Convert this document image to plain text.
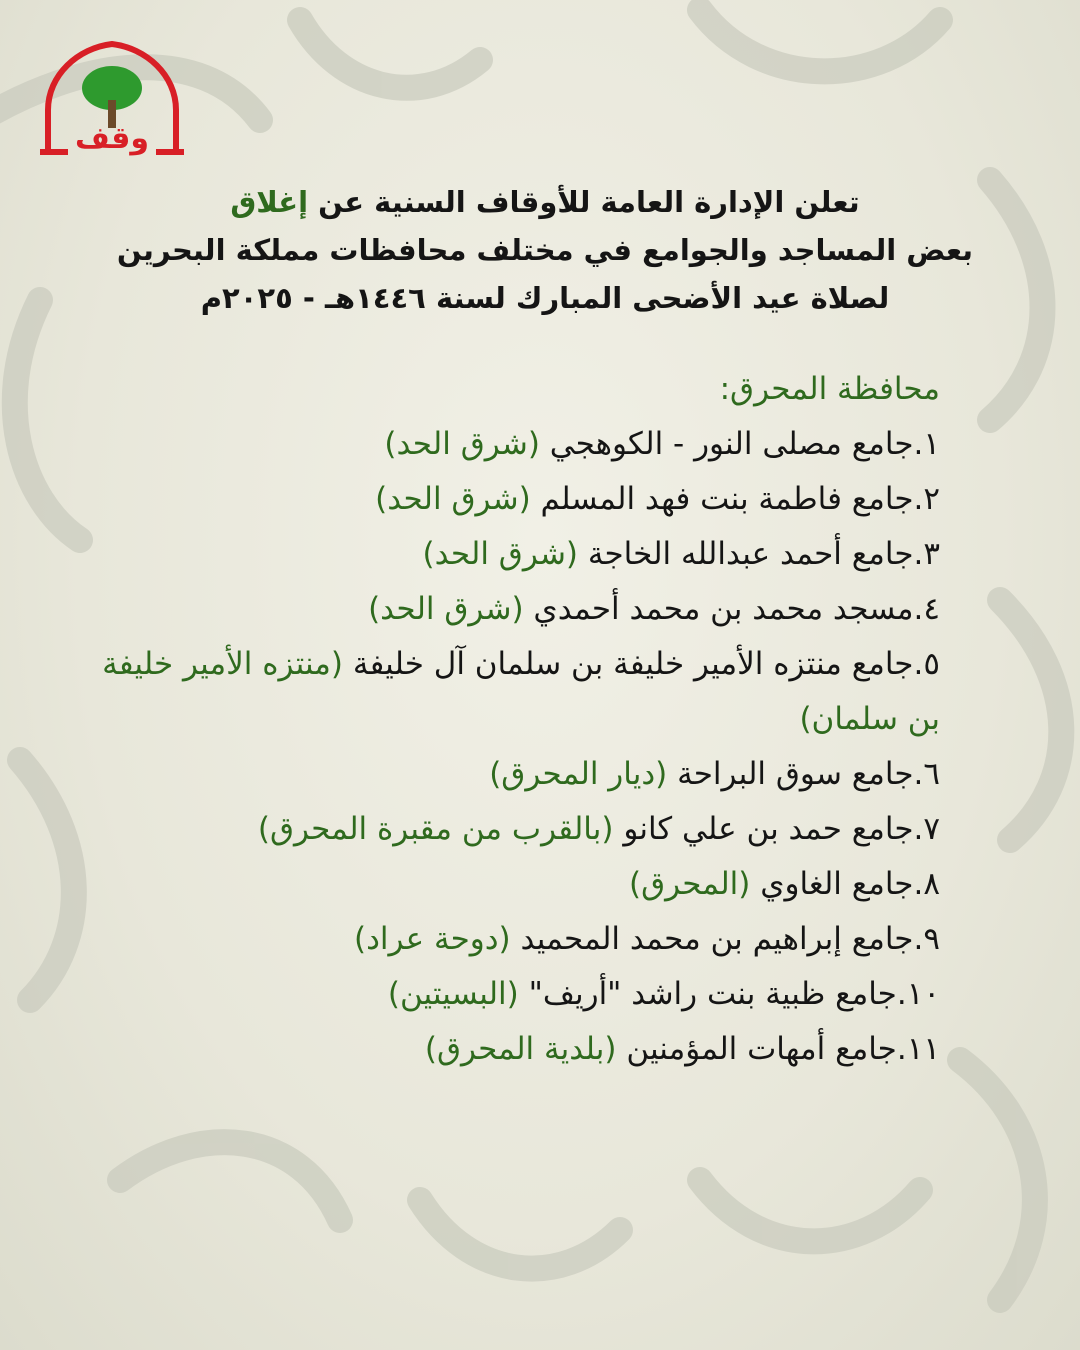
وقف
تعلن الإدارة العامة للأوقاف السنية عن إغلاق
بعض المساجد والجوامع في مختلف محافظات مملكة البحرين
لصلاة عيد الأضحى المبارك لسنة ١٤٤٦هـ - ٢٠٢٥م
محافظة المحرق:
١.جامع مصلى النور - الكوهجي (شرق الحد)
٢.جامع فاطمة بنت فهد المسلم (شرق الحد)
٣.جامع أحمد عبدالله الخاجة (شرق الحد)
٤.مسجد محمد بن محمد أحمدي (شرق الحد)
٥.جامع منتزه الأمير خليفة بن سلمان آل خليفة (منتزه الأمير خليفة بن سلمان)
٦.جامع سوق البراحة (ديار المحرق)
٧.جامع حمد بن علي كانو (بالقرب من مقبرة المحرق)
٨.جامع الغاوي (المحرق)
٩.جامع إبراهيم بن محمد المحميد (دوحة عراد)
١٠.جامع ظبية بنت راشد "أريف" (البسيتين)
١١.جامع أمهات المؤمنين (بلدية المحرق)
